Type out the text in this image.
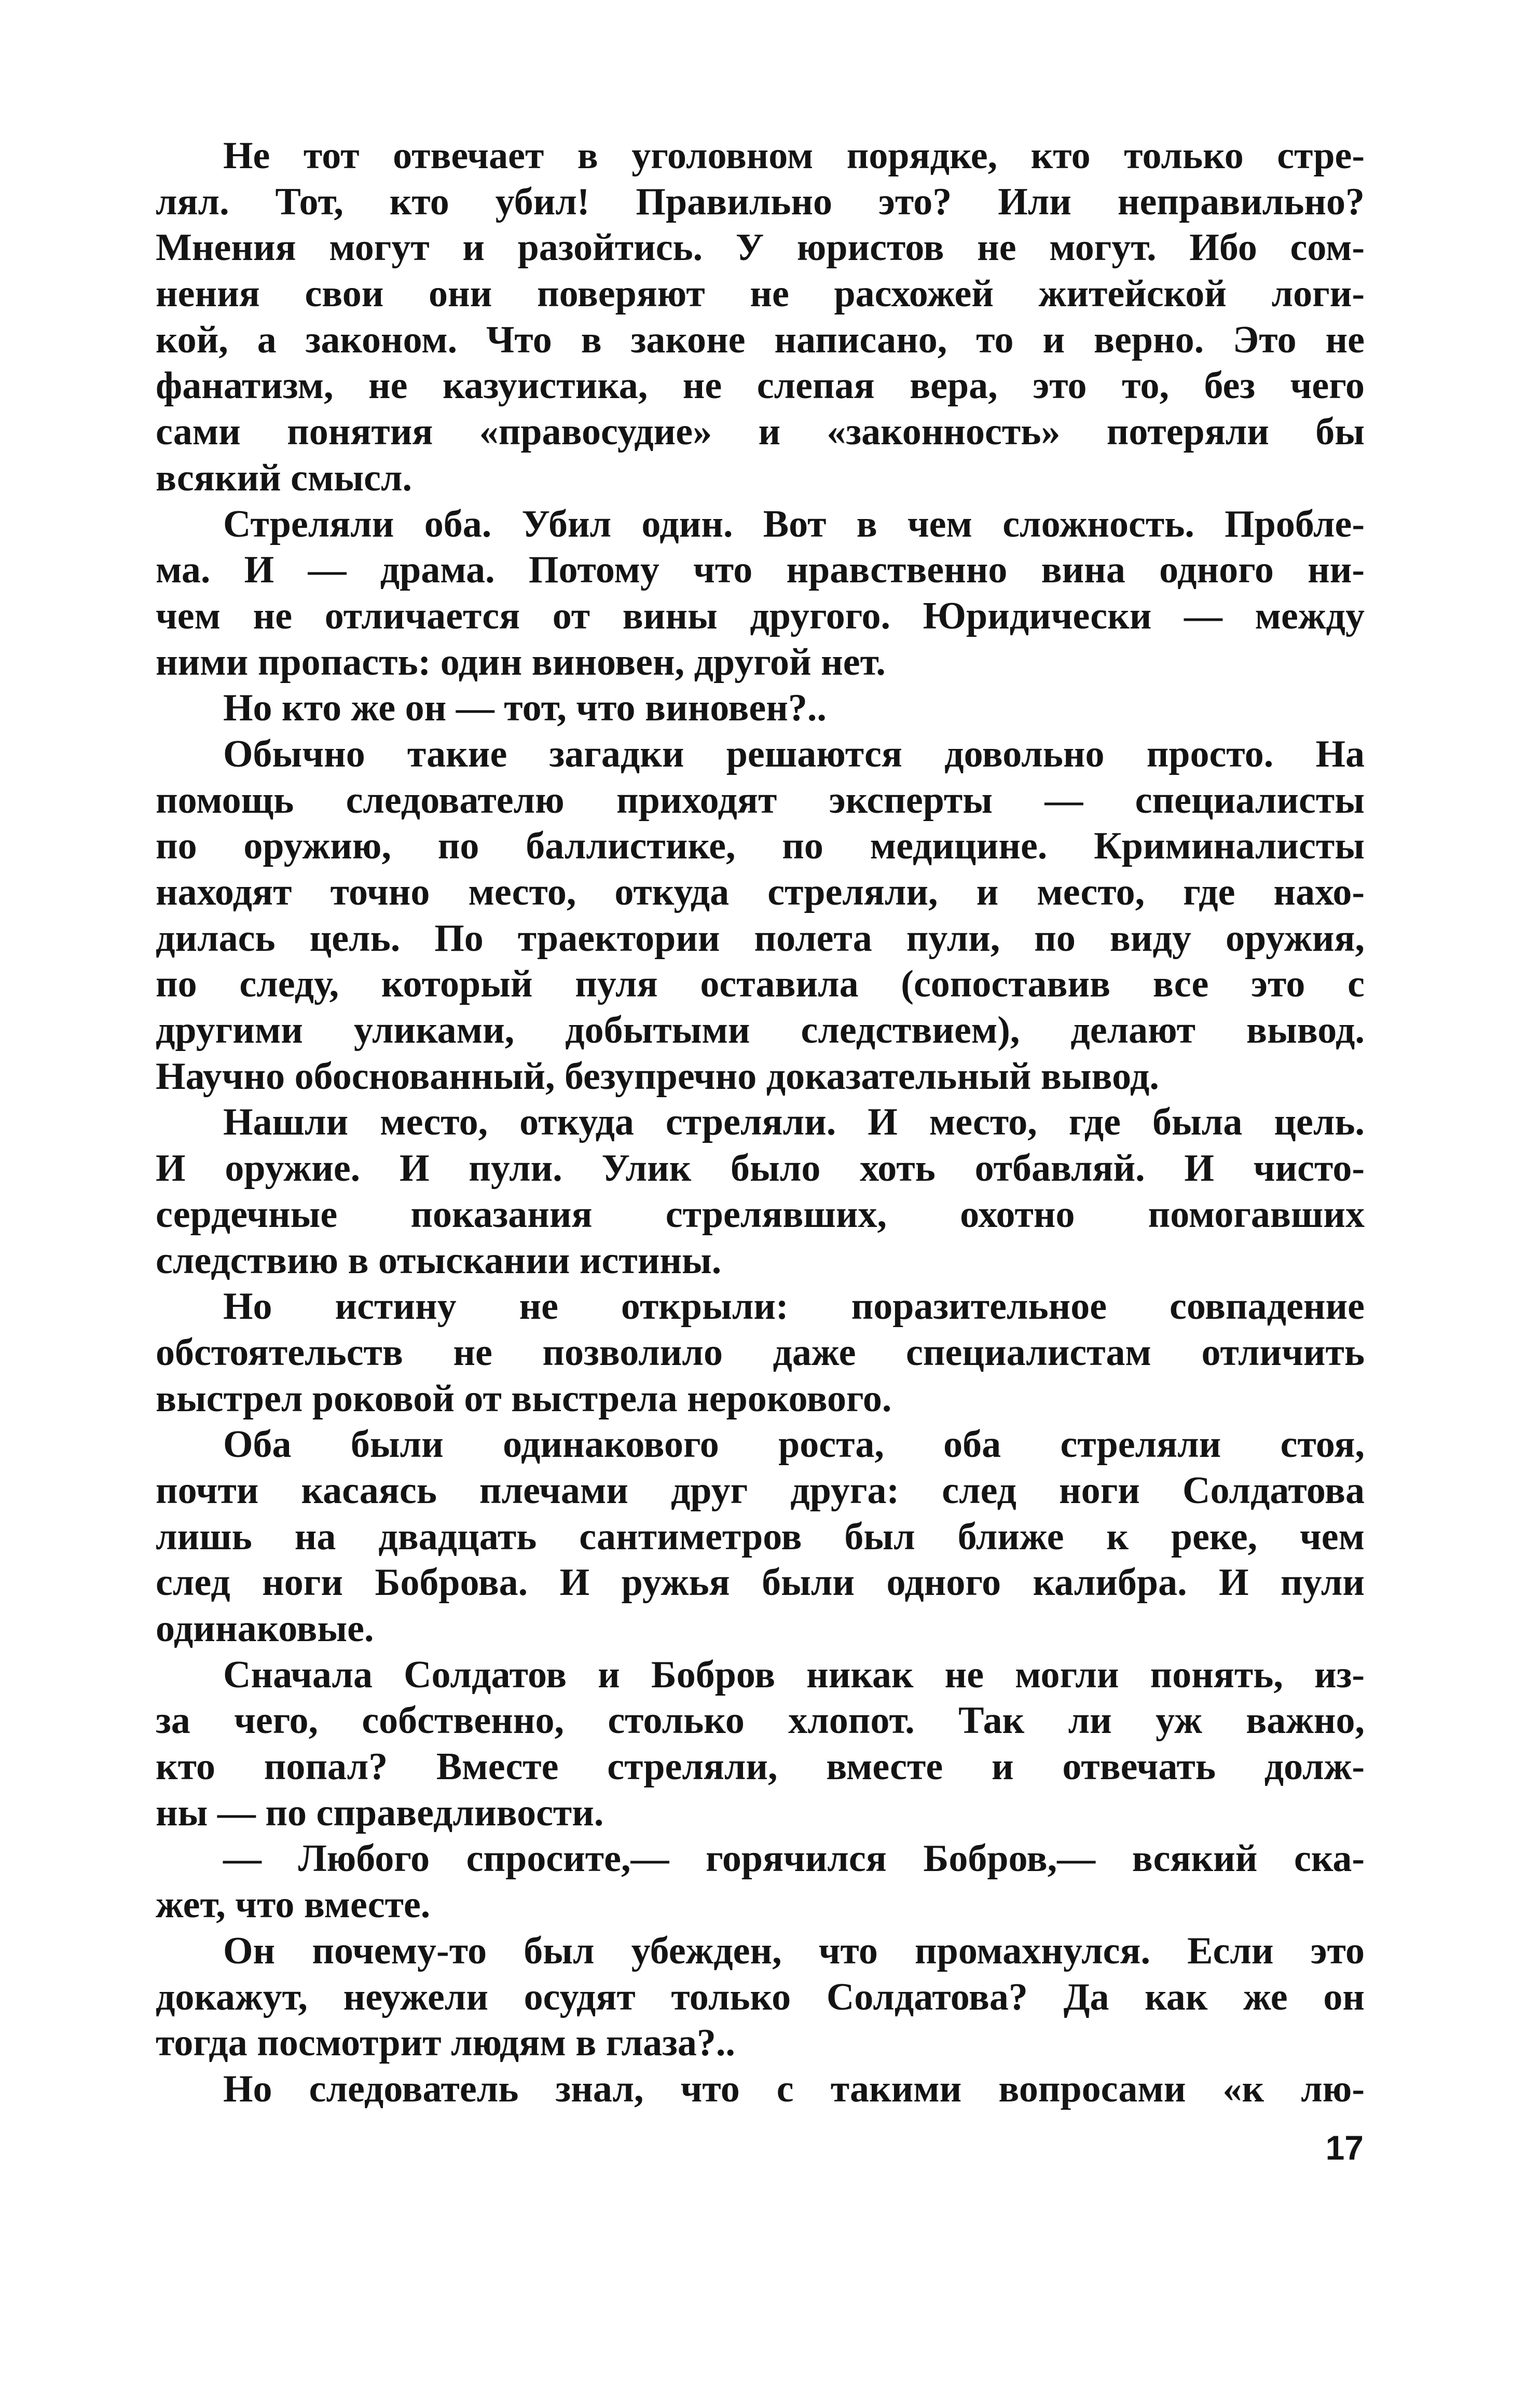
Не тот отвечает в уголовном порядке, кто только стре-
лял. Тот, кто убил! Правильно это? Или неправильно?
Мнения могут и разойтись. У юристов не могут. Ибо сом-
нения свои они поверяют не расхожей житейской логи-
кой, а законом. Что в законе написано, то и верно. Это не
фанатизм, не казуистика, не слепая вера, это то, без чего
сами понятия «правосудие» и «законность» потеряли бы
всякий смысл.
Стреляли оба. Убил один. Вот в чем сложность. Пробле-
ма. И — драма. Потому что нравственно вина одного ни-
чем не отличается от вины другого. Юридически — между
ними пропасть: один виновен, другой нет.
Но кто же он — тот, что виновен?..
Обычно такие загадки решаются довольно просто. На
помощь следователю приходят эксперты — специалисты
по оружию, по баллистике, по медицине. Криминалисты
находят точно место, откуда стреляли, и место, где нахо-
дилась цель. По траектории полета пули, по виду оружия,
по следу, который пуля оставила (сопоставив все это с
другими уликами, добытыми следствием), делают вывод.
Научно обоснованный, безупречно доказательный вывод.
Нашли место, откуда стреляли. И место, где была цель.
И оружие. И пули. Улик было хоть отбавляй. И чисто-
сердечные показания стрелявших, охотно помогавших
следствию в отыскании истины.
Но истину не открыли: поразительное совпадение
обстоятельств не позволило даже специалистам отличить
выстрел роковой от выстрела нерокового.
Оба были одинакового роста, оба стреляли стоя,
почти касаясь плечами друг друга: след ноги Солдатова
лишь на двадцать сантиметров был ближе к реке, чем
след ноги Боброва. И ружья были одного калибра. И пули
одинаковые.
Сначала Солдатов и Бобров никак не могли понять, из-
за чего, собственно, столько хлопот. Так ли уж важно,
кто попал? Вместе стреляли, вместе и отвечать долж-
ны — по справедливости.
— Любого спросите,— горячился Бобров,— всякий ска-
жет, что вместе.
Он почему-то был убежден, что промахнулся. Если это
докажут, неужели осудят только Солдатова? Да как же он
тогда посмотрит людям в глаза?..
Но следователь знал, что с такими вопросами «к лю-
17
